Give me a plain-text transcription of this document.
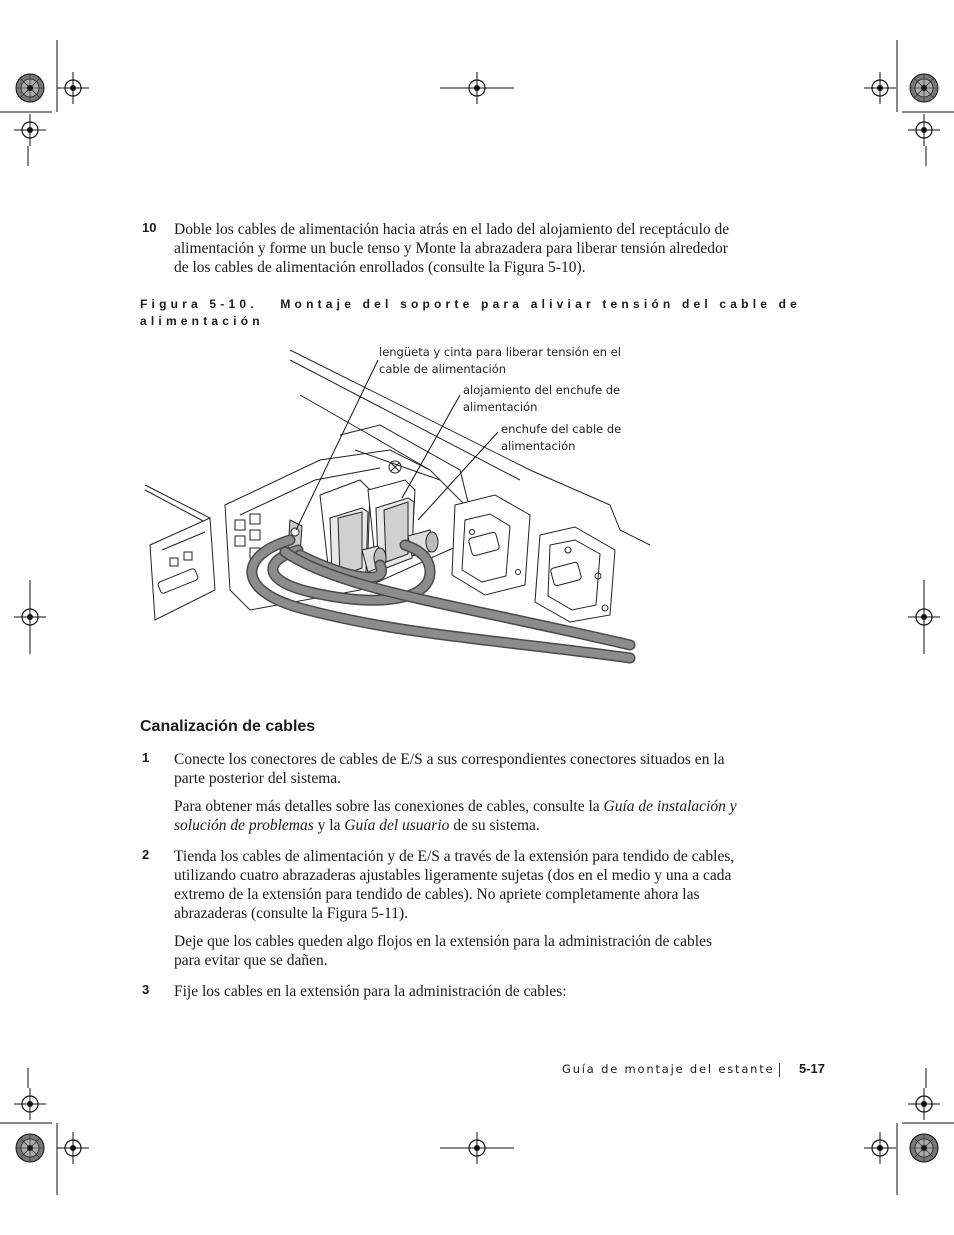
10 Doble los cables de alimentación hacia atrás en el lado del alojamiento del receptáculo de alimentación y forme un bucle tenso y Monte la abrazadera para liberar tensión alrededor de los cables de alimentación enrollados (consulte la Figura 5-10).
Figura 5-10.   Montaje del soporte para aliviar tensión del cable de
alimentación
lengüeta y cinta para liberar tensión en el
cable de alimentación
alojamiento del enchufe de
alimentación
enchufe del cable de
alimentación
Canalización de cables
1 Conecte los conectores de cables de E/S a sus correspondientes conectores situados en la parte posterior del sistema.
Para obtener más detalles sobre las conexiones de cables, consulte la Guía de instalación y solución de problemas y la Guía del usuario de su sistema.
2 Tienda los cables de alimentación y de E/S a través de la extensión para tendido de cables, utilizando cuatro abrazaderas ajustables ligeramente sujetas (dos en el medio y una a cada extremo de la extensión para tendido de cables). No apriete completamente ahora las abrazaderas (consulte la Figura 5-11).
Deje que los cables queden algo flojos en la extensión para la administración de cables para evitar que se dañen.
3 Fije los cables en la extensión para la administración de cables:
Guía de montaje del estante 5-17
